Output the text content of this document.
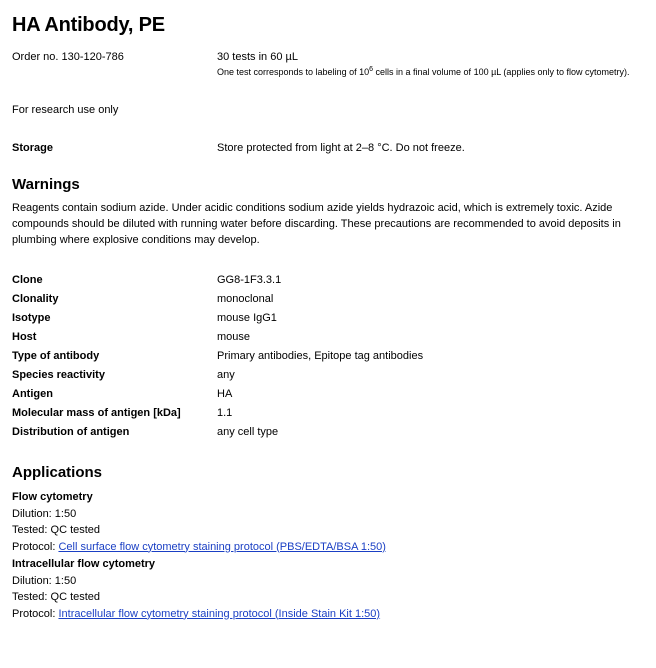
HA Antibody, PE
Order no. 130-120-786	30 tests in 60 µL
One test corresponds to labeling of $10^6$ cells in a final volume of 100 µL (applies only to flow cytometry).
For research use only
Storage	Store protected from light at 2–8 °C. Do not freeze.
Warnings

Reagents contain sodium azide. Under acidic conditions sodium azide yields hydrazoic acid, which is extremely toxic. Azide compounds should be diluted with running water before discarding. These precautions are recommended to avoid deposits in plumbing where explosive conditions may develop.

Clone	GG8-1F3.3.1
Clonality	monoclonal
Isotype	mouse IgG1
Host	mouse
Type of antibody	Primary antibodies, Epitope tag antibodies
Species reactivity	any
Antigen	HA
Molecular mass of antigen [kDa]	1.1
Distribution of antigen	any cell type
Applications
Flow cytometry
Dilution: 1:50
Tested: QC tested
Protocol: Cell surface flow cytometry staining protocol (PBS/EDTA/BSA 1:50)
Intracellular flow cytometry
Dilution: 1:50
Tested: QC tested
Protocol: Intracellular flow cytometry staining protocol (Inside Stain Kit 1:50)
